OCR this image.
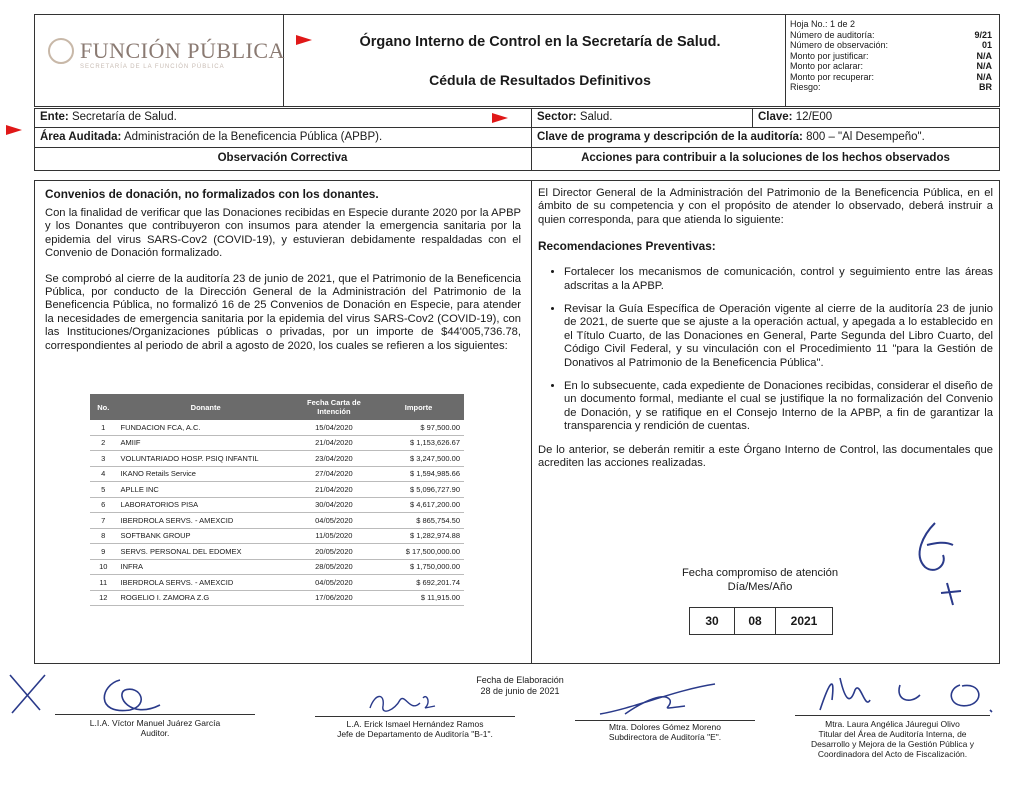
FUNCIÓN PÚBLICA
SECRETARÍA DE LA FUNCIÓN PÚBLICA
Órgano Interno de Control en la Secretaría de Salud.
Cédula de Resultados Definitivos
Hoja No.: 1 de 2
Número de auditoría:	9/21
Número de observación:	01
Monto por justificar:	N/A
Monto por aclarar:	N/A
Monto por recuperar:	N/A
Riesgo:	BR
Ente: Secretaría de Salud.	Sector: Salud.	Clave: 12/E00
Área Auditada: Administración de la Beneficencia Pública (APBP).	Clave de programa y descripción de la auditoría: 800 – "Al Desempeño".
Observación Correctiva	Acciones para contribuir a la soluciones de los hechos observados
Convenios de donación, no formalizados con los donantes.

Con la finalidad de verificar que las Donaciones recibidas en Especie durante 2020 por la APBP y los Donantes que contribuyeron con insumos para atender la emergencia sanitaria por la epidemia del virus SARS-Cov2 (COVID-19), y estuvieran debidamente respaldadas con el Convenio de Donación formalizado.

Se comprobó al cierre de la auditoría 23 de junio de 2021, que el Patrimonio de la Beneficencia Pública, por conducto de la Dirección General de la Administración del Patrimonio de la Beneficencia Pública, no formalizó 16 de 25 Convenios de Donación en Especie, para atender la necesidades de emergencia sanitaria por la epidemia del virus SARS-Cov2 (COVID-19), con las Instituciones/Organizaciones públicas o privadas, por un importe de $44'005,736.78, correspondientes al periodo de abril a agosto de 2020, los cuales se refieren a los siguientes:

No.	Donante	Fecha Carta de Intención	Importe
1	FUNDACION FCA, A.C.	15/04/2020	$ 97,500.00
2	AMIIF	21/04/2020	$ 1,153,626.67
3	VOLUNTARIADO HOSP. PSIQ INFANTIL	23/04/2020	$ 3,247,500.00
4	IKANO Retails Service	27/04/2020	$ 1,594,985.66
5	APLLE INC	21/04/2020	$ 5,096,727.90
6	LABORATORIOS PISA	30/04/2020	$ 4,617,200.00
7	IBERDROLA SERVS. - AMEXCID	04/05/2020	$ 865,754.50
8	SOFTBANK GROUP	11/05/2020	$ 1,282,974.88
9	SERVS. PERSONAL DEL EDOMEX	20/05/2020	$ 17,500,000.00
10	INFRA	28/05/2020	$ 1,750,000.00
11	IBERDROLA SERVS. - AMEXCID	04/05/2020	$ 692,201.74
12	ROGELIO I. ZAMORA Z.G	17/06/2020	$ 11,915.00

El Director General de la Administración del Patrimonio de la Beneficencia Pública, en el ámbito de su competencia y con el propósito de atender lo observado, deberá instruir a quien corresponda, para que atienda lo siguiente:

Recomendaciones Preventivas:
• Fortalecer los mecanismos de comunicación, control y seguimiento entre las áreas adscritas a la APBP.
• Revisar la Guía Específica de Operación vigente al cierre de la auditoría 23 de junio de 2021, de suerte que se ajuste a la operación actual, y apegada a lo establecido en el Título Cuarto, de las Donaciones en General, Parte Segunda del Libro Cuarto, del Código Civil Federal, y su vinculación con el Procedimiento 11 "para la Gestión de Donativos al Patrimonio de la Beneficencia Pública".
• En lo subsecuente, cada expediente de Donaciones recibidas, considerar el diseño de un documento formal, mediante el cual se justifique la no formalización del Convenio de Donación, y se ratifique en el Consejo Interno de la APBP, a fin de garantizar la transparencia y rendición de cuentas.

De lo anterior, se deberán remitir a este Órgano Interno de Control, las documentales que acrediten las acciones realizadas.

Fecha compromiso de atención
Día/Mes/Año
30	08	2021
Fecha de Elaboración
28 de junio de 2021
L.I.A. Víctor Manuel Juárez García
Auditor.
L.A. Erick Ismael Hernández Ramos
Jefe de Departamento de Auditoría "B-1".
Mtra. Dolores Gómez Moreno
Subdirectora de Auditoría "E".
Mtra. Laura Angélica Jáuregui Olivo
Titular del Área de Auditoría Interna, de
Desarrollo y Mejora de la Gestión Pública y
Coordinadora del Acto de Fiscalización.
